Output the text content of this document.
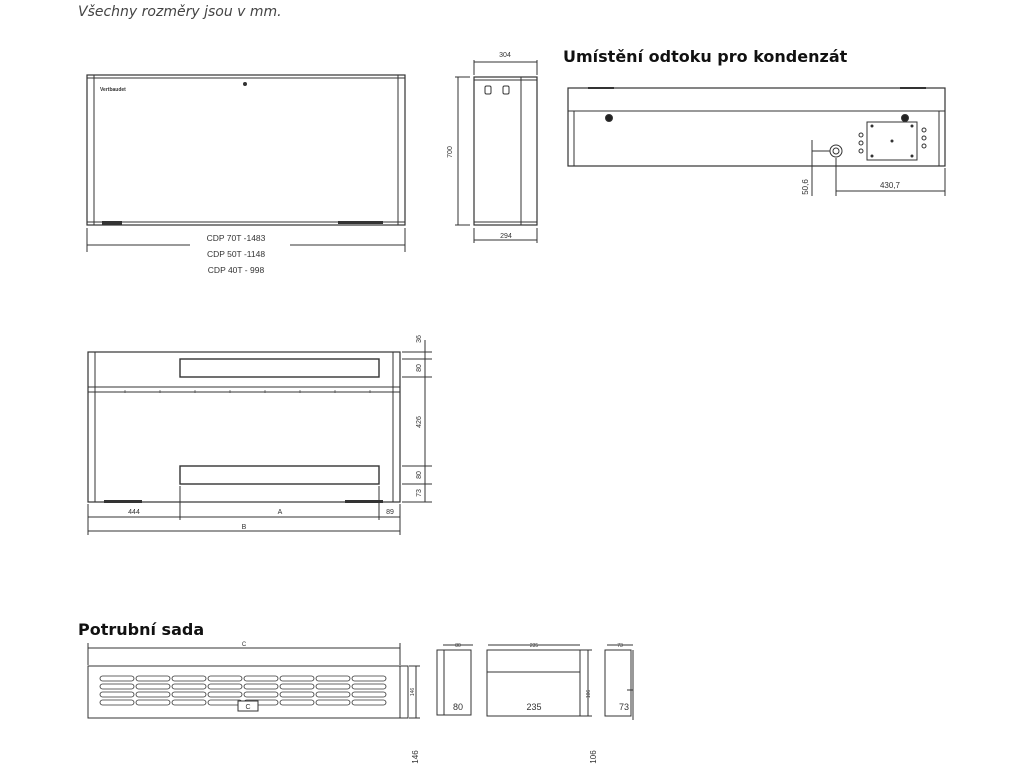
Všechny rozměry jsou v mm.
Umístění odtoku pro kondenzát
Potrubní sada
Vertbaudet
CDP 70T -1483
CDP 50T -1148
CDP 40T - 998
304
700
294
50,6	430,7
36
80
426
80
73
444	A	89
B
C
C
146
80
80
235
106
235
73
73
146	106
